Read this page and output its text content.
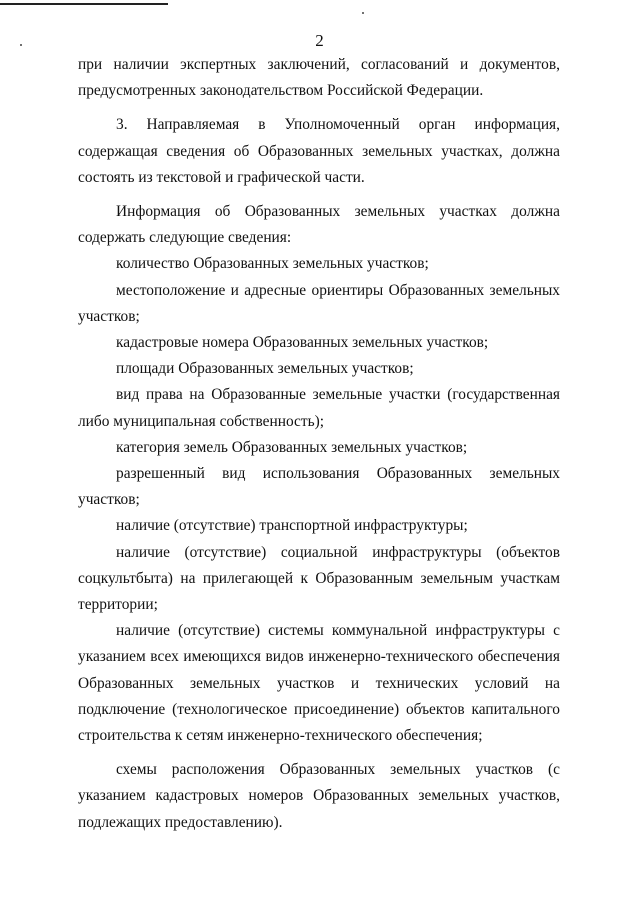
2

при наличии экспертных заключений, согласований и документов, предусмотренных законодательством Российской Федерации.

3. Направляемая в Уполномоченный орган информация, содержащая сведения об Образованных земельных участках, должна состоять из текстовой и графической части.

Информация об Образованных земельных участках должна содержать следующие сведения:

количество Образованных земельных участков;

местоположение и адресные ориентиры Образованных земельных участков;

кадастровые номера Образованных земельных участков;

площади Образованных земельных участков;

вид права на Образованные земельные участки (государственная либо муниципальная собственность);

категория земель Образованных земельных участков;

разрешенный вид использования Образованных земельных участков;

наличие (отсутствие) транспортной инфраструктуры;

наличие (отсутствие) социальной инфраструктуры (объектов соцкультбыта) на прилегающей к Образованным земельным участкам территории;

наличие (отсутствие) системы коммунальной инфраструктуры с указанием всех имеющихся видов инженерно-технического обеспечения Образованных земельных участков и технических условий на подключение (технологическое присоединение) объектов капитального строительства к сетям инженерно-технического обеспечения;

схемы расположения Образованных земельных участков (с указанием кадастровых номеров Образованных земельных участков, подлежащих предоставлению).
